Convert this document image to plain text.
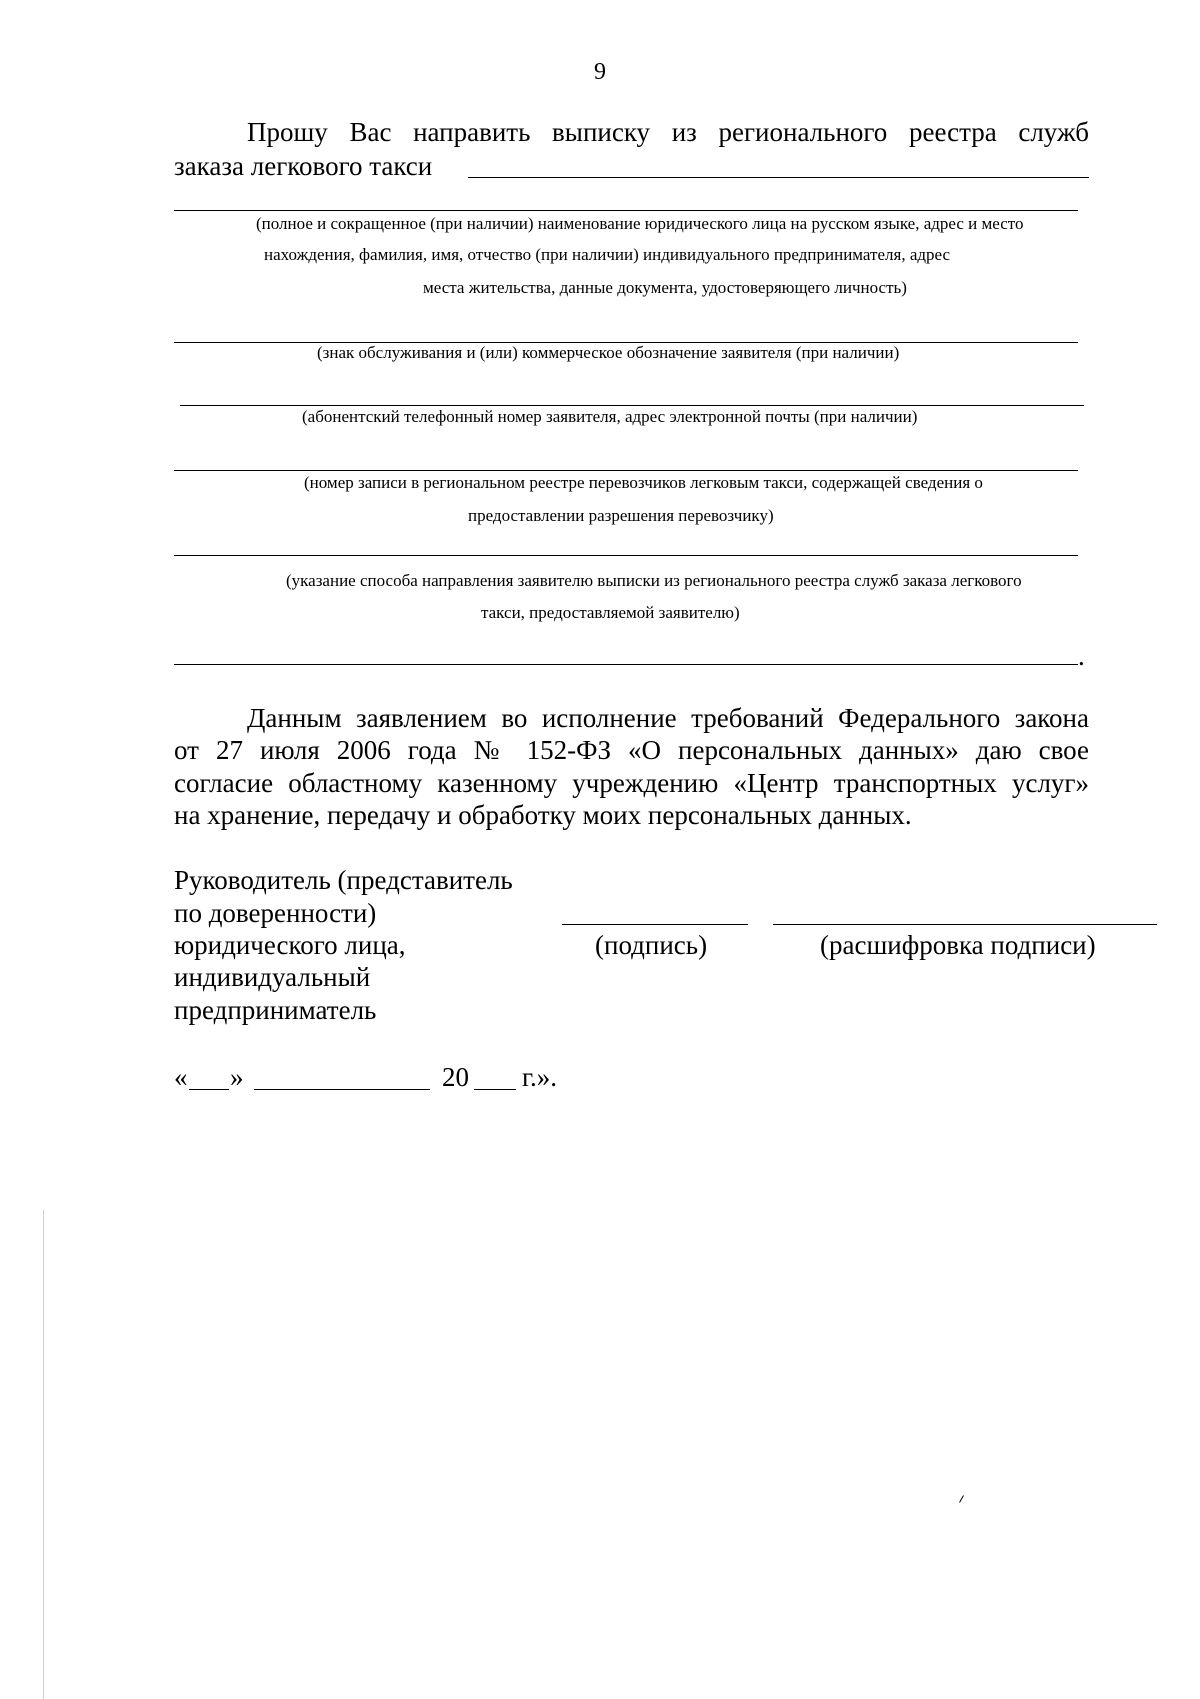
9
Прошу Вас направить выписку из регионального реестра служб
заказа легкового такси
(полное и сокращенное (при наличии) наименование юридического лица на русском языке, адрес и место
нахождения, фамилия, имя, отчество (при наличии) индивидуального предпринимателя, адрес
места жительства, данные документа, удостоверяющего личность)
(знак обслуживания и (или) коммерческое обозначение заявителя (при наличии)
(абонентский телефонный номер заявителя, адрес электронной почты (при наличии)
(номер записи в региональном реестре перевозчиков легковым такси, содержащей сведения о
предоставлении разрешения перевозчику)
(указание способа направления заявителю выписки из регионального реестра служб заказа легкового
такси, предоставляемой заявителю)
.
Данным заявлением во исполнение требований Федерального закона
от 27 июля 2006 года № 152-ФЗ «О персональных данных» даю свое
согласие областному казенному учреждению «Центр транспортных услуг»
на хранение, передачу и обработку моих персональных данных.
Руководитель (представитель
по доверенности)
юридического лица,
индивидуальный
предприниматель
(подпись)	(расшифровка подписи)
« »	20 г.».
